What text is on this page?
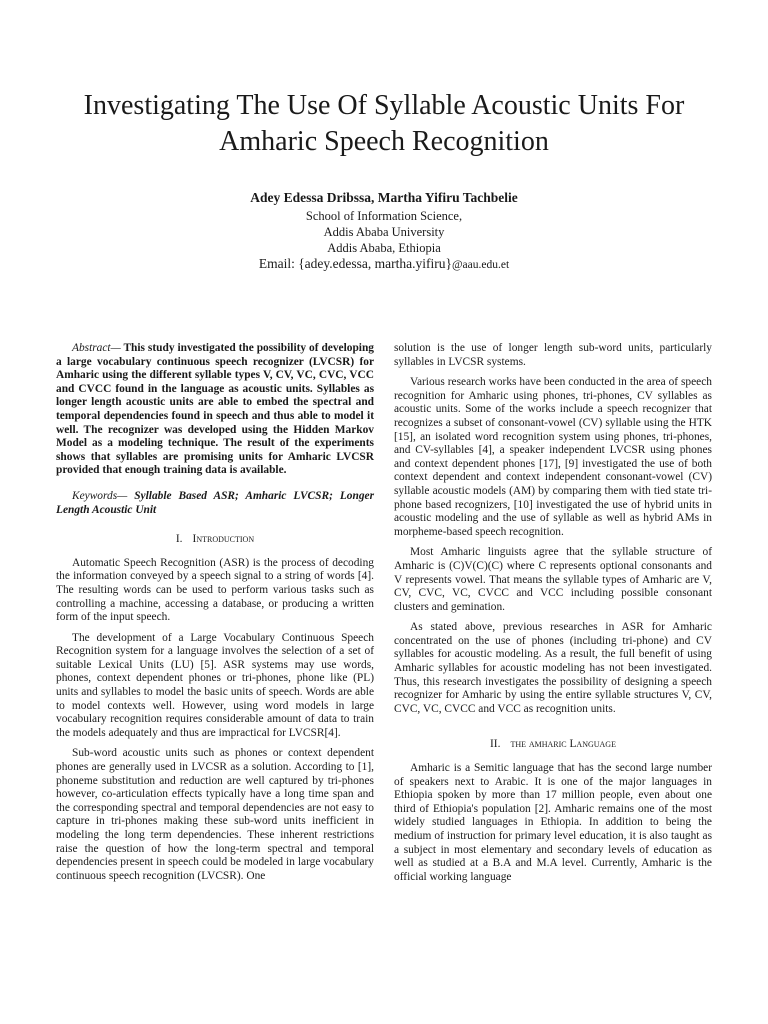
Investigating The Use Of Syllable Acoustic Units For
Amharic Speech Recognition
Adey Edessa Dribssa, Martha Yifiru Tachbelie
School of Information Science,
Addis Ababa University
Addis Ababa, Ethiopia
Email: {adey.edessa, martha.yifiru}@aau.edu.et

Abstract— This study investigated the possibility of developing a large vocabulary continuous speech recognizer (LVCSR) for Amharic using the different syllable types V, CV, VC, CVC, VCC and CVCC found in the language as acoustic units. Syllables as longer length acoustic units are able to embed the spectral and temporal dependencies found in speech and thus able to model it well. The recognizer was developed using the Hidden Markov Model as a modeling technique. The result of the experiments shows that syllables are promising units for Amharic LVCSR provided that enough training data is available.

Keywords— Syllable Based ASR; Amharic LVCSR; Longer Length Acoustic Unit

I. Introduction

Automatic Speech Recognition (ASR) is the process of decoding the information conveyed by a speech signal to a string of words [4]. The resulting words can be used to perform various tasks such as controlling a machine, accessing a database, or producing a written form of the input speech.

The development of a Large Vocabulary Continuous Speech Recognition system for a language involves the selection of a set of suitable Lexical Units (LU) [5]. ASR systems may use words, phones, context dependent phones or tri-phones, phone like (PL) units and syllables to model the basic units of speech. Words are able to model contexts well. However, using word models in large vocabulary recognition requires considerable amount of data to train the models adequately and thus are impractical for LVCSR[4].

Sub-word acoustic units such as phones or context dependent phones are generally used in LVCSR as a solution. According to [1], phoneme substitution and reduction are well captured by tri-phones however, co-articulation effects typically have a long time span and the corresponding spectral and temporal dependencies are not easy to capture in tri-phones making these sub-word units inefficient in modeling the long term dependencies. These inherent restrictions raise the question of how the long-term spectral and temporal dependencies present in speech could be modeled in large vocabulary continuous speech recognition (LVCSR). One

solution is the use of longer length sub-word units, particularly syllables in LVCSR systems.

Various research works have been conducted in the area of speech recognition for Amharic using phones, tri-phones, CV syllables as acoustic units. Some of the works include a speech recognizer that recognizes a subset of consonant-vowel (CV) syllable using the HTK [15], an isolated word recognition system using phones, tri-phones, and CV-syllables [4], a speaker independent LVCSR using phones and context dependent phones [17], [9] investigated the use of both context dependent and context independent consonant-vowel (CV) syllable acoustic models (AM) by comparing them with tied state tri-phone based recognizers, [10] investigated the use of hybrid units in acoustic modeling and the use of syllable as well as hybrid AMs in morpheme-based speech recognition.

Most Amharic linguists agree that the syllable structure of Amharic is (C)V(C)(C) where C represents optional consonants and V represents vowel. That means the syllable types of Amharic are V, CV, CVC, VC, CVCC and VCC including possible consonant clusters and gemination.

As stated above, previous researches in ASR for Amharic concentrated on the use of phones (including tri-phone) and CV syllables for acoustic modeling. As a result, the full benefit of using Amharic syllables for acoustic modeling has not been investigated. Thus, this research investigates the possibility of designing a speech recognizer for Amharic by using the entire syllable structures V, CV, CVC, VC, CVCC and VCC as recognition units.

II. the amharic Language

Amharic is a Semitic language that has the second large number of speakers next to Arabic. It is one of the major languages in Ethiopia spoken by more than 17 million people, even about one third of Ethiopia's population [2]. Amharic remains one of the most widely studied languages in Ethiopia. In addition to being the medium of instruction for primary level education, it is also taught as a subject in most elementary and secondary levels of education as well as studied at a B.A and M.A level. Currently, Amharic is the official working language
